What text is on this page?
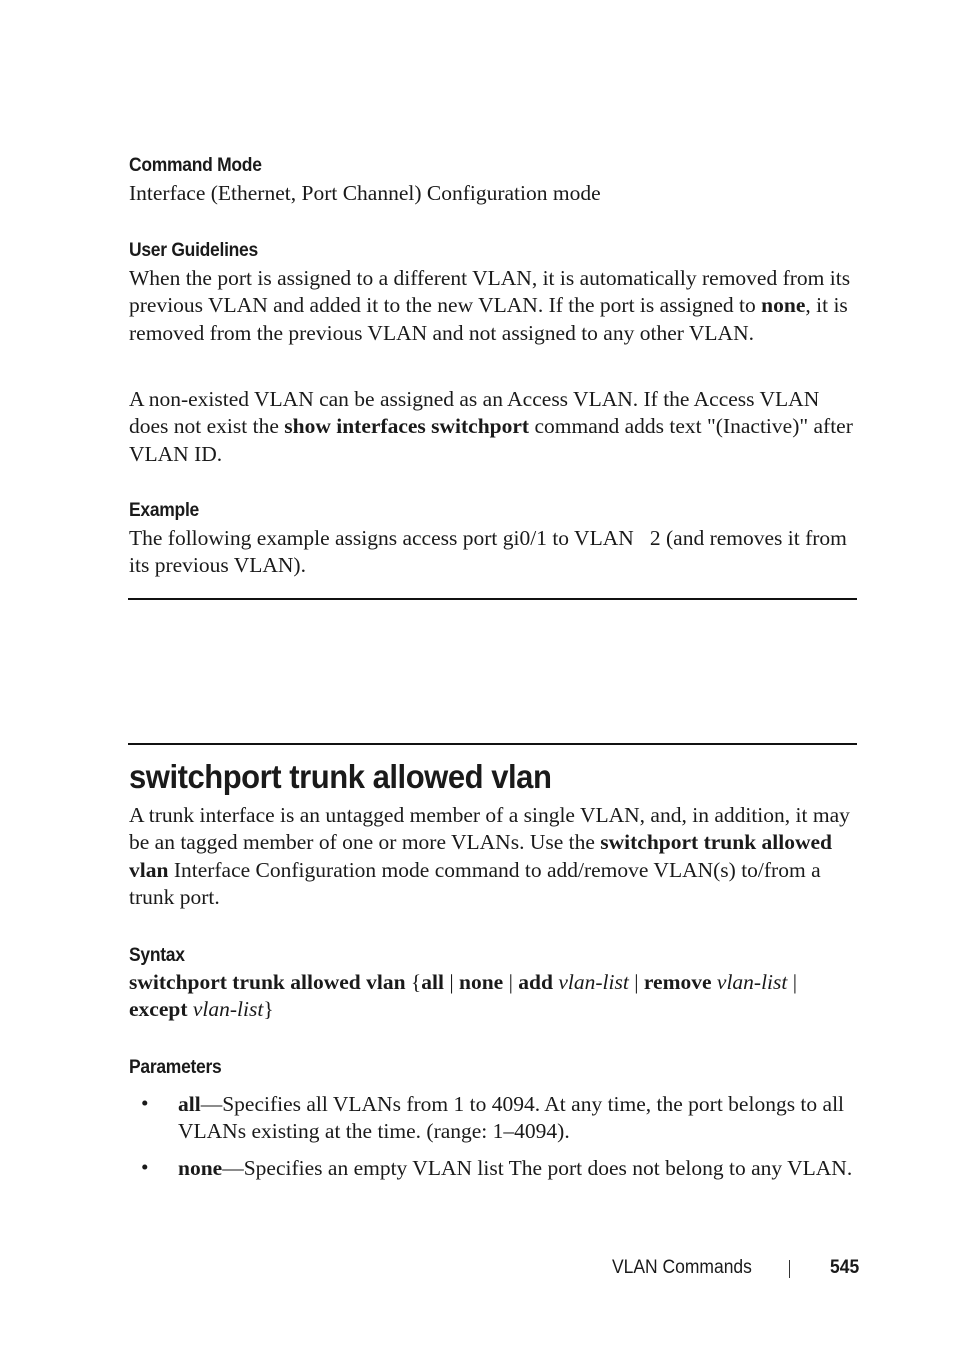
Command Mode
Interface (Ethernet, Port Channel) Configuration mode
User Guidelines
When the port is assigned to a different VLAN, it is automatically removed from its previous VLAN and added it to the new VLAN. If the port is assigned to none, it is removed from the previous VLAN and not assigned to any other VLAN.
A non-existed VLAN can be assigned as an Access VLAN. If the Access VLAN does not exist the show interfaces switchport command adds text "(Inactive)" after VLAN ID.
Example
The following example assigns access port gi0/1 to VLAN   2 (and removes it from its previous VLAN).
switchport trunk allowed vlan
A trunk interface is an untagged member of a single VLAN, and, in addition, it may be an tagged member of one or more VLANs. Use the switchport trunk allowed vlan Interface Configuration mode command to add/remove VLAN(s) to/from a trunk port.
Syntax
switchport trunk allowed vlan {all | none | add vlan-list | remove vlan-list | except vlan-list}
Parameters
• all—Specifies all VLANs from 1 to 4094. At any time, the port belongs to all VLANs existing at the time. (range: 1–4094).
• none—Specifies an empty VLAN list The port does not belong to any VLAN.
VLAN Commands	545
